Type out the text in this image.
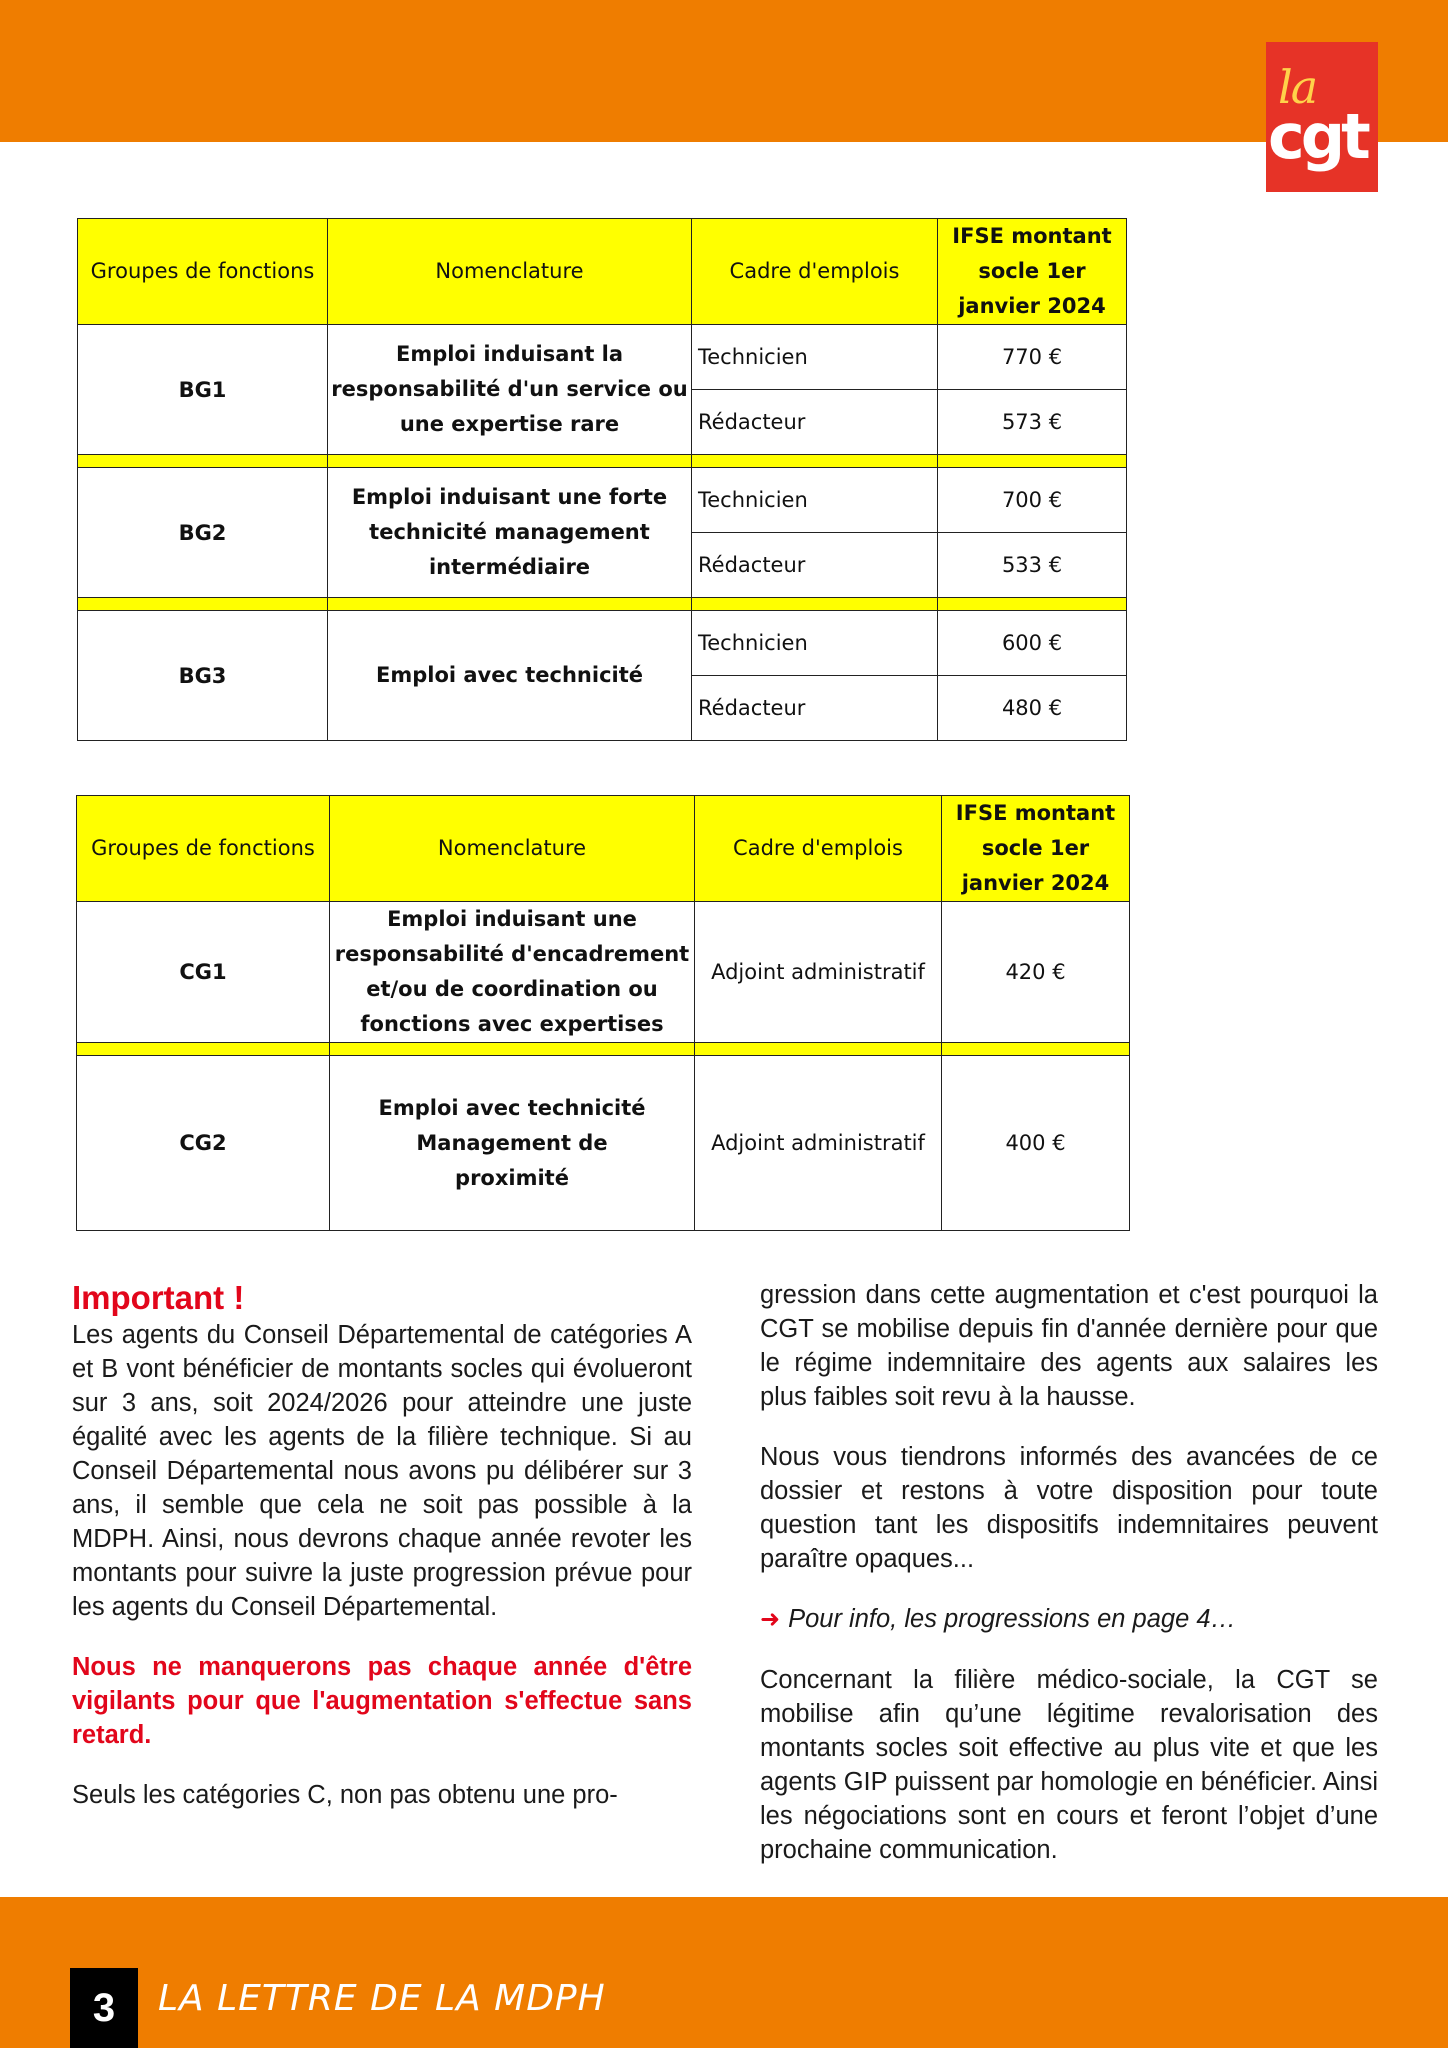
la
cgt
Groupes de fonctions	Nomenclature	Cadre d'emplois	IFSE montant socle 1er janvier 2024
BG1	Emploi induisant la responsabilité d'un service ou une expertise rare	Technicien	770 €
		Rédacteur	573 €

BG2	Emploi induisant une forte technicité management intermédiaire	Technicien	700 €
		Rédacteur	533 €

BG3	Emploi avec technicité	Technicien	600 €
		Rédacteur	480 €
Groupes de fonctions	Nomenclature	Cadre d'emplois	IFSE montant socle 1er janvier 2024
CG1	Emploi induisant une responsabilité d'encadrement et/ou de coordination ou fonctions avec expertises	Adjoint administratif	420 €

CG2	Emploi avec technicité Management de proximité	Adjoint administratif	400 €

Important !

Les agents du Conseil Départemental de catégories A et B vont bénéficier de montants socles qui évolueront sur 3 ans, soit 2024/2026 pour atteindre une juste égalité avec les agents de la filière technique. Si au Conseil Départemental nous avons pu délibérer sur 3 ans, il semble que cela ne soit pas possible à la MDPH. Ainsi, nous devrons chaque année revoter les montants pour suivre la juste progression prévue pour les agents du Conseil Départemental.

Nous ne manquerons pas chaque année d'être vigilants pour que l'augmentation s'effectue sans retard.

Seuls les catégories C, non pas obtenu une pro-

gression dans cette augmentation et c'est pourquoi la CGT se mobilise depuis fin d'année dernière pour que le régime indemnitaire des agents aux salaires les plus faibles soit revu à la hausse.

Nous vous tiendrons informés des avancées de ce dossier et restons à votre disposition pour toute question tant les dispositifs indemnitaires peuvent paraître opaques...

➜ Pour info, les progressions en page 4…

Concernant la filière médico-sociale, la CGT se mobilise afin qu’une légitime revalorisation des montants socles soit effective au plus vite et que les agents GIP puissent par homologie en bénéficier. Ainsi les négociations sont en cours et feront l’objet d’une prochaine communication.

3	LA LETTRE DE LA MDPH
